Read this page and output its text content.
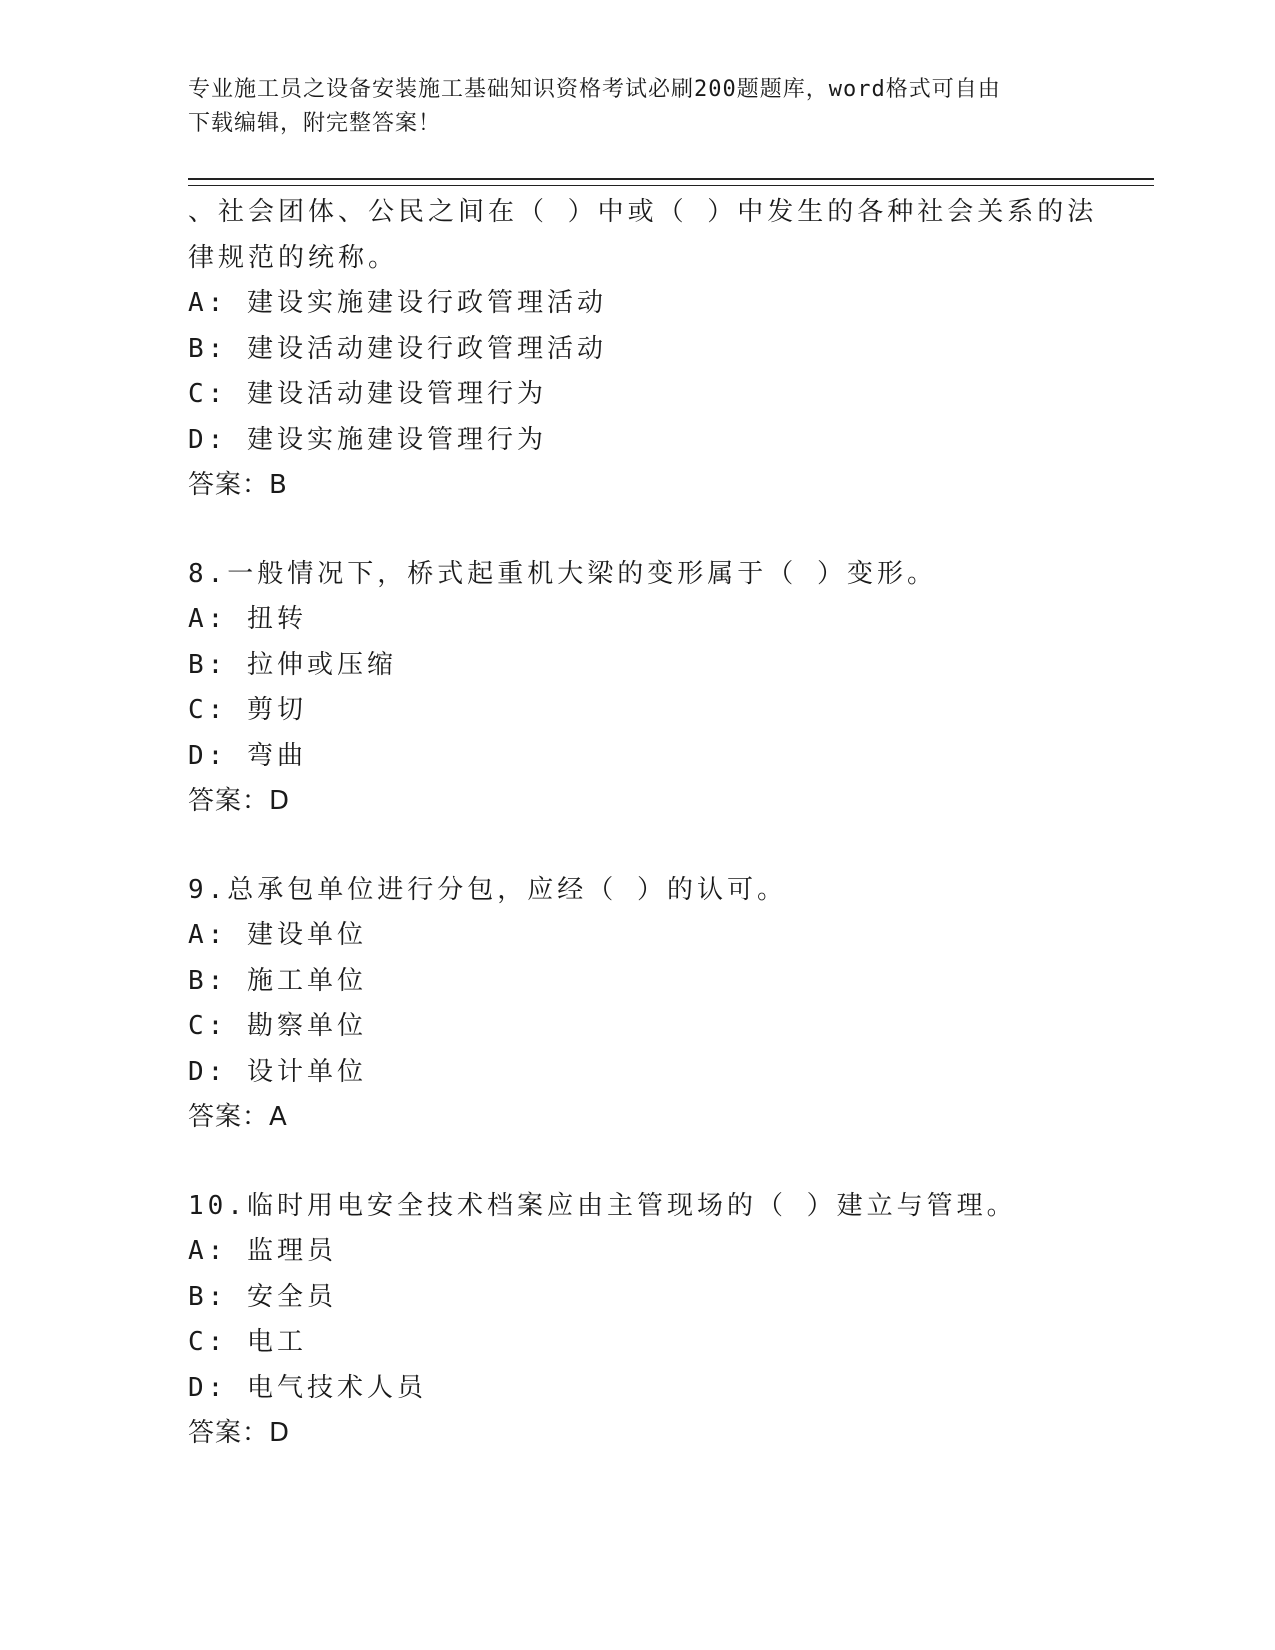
专业施工员之设备安装施工基础知识资格考试必刷200题题库，word格式可自由
下载编辑，附完整答案！
、社会团体、公民之间在（ ）中或（ ）中发生的各种社会关系的法
律规范的统称。
A: 建设实施建设行政管理活动
B: 建设活动建设行政管理活动
C: 建设活动建设管理行为
D: 建设实施建设管理行为
答案：B
8.一般情况下，桥式起重机大梁的变形属于（ ）变形。
A: 扭转
B: 拉伸或压缩
C: 剪切
D: 弯曲
答案：D
9.总承包单位进行分包，应经（ ）的认可。
A: 建设单位
B: 施工单位
C: 勘察单位
D: 设计单位
答案：A
10.临时用电安全技术档案应由主管现场的（ ）建立与管理。
A: 监理员
B: 安全员
C: 电工
D: 电气技术人员
答案：D
